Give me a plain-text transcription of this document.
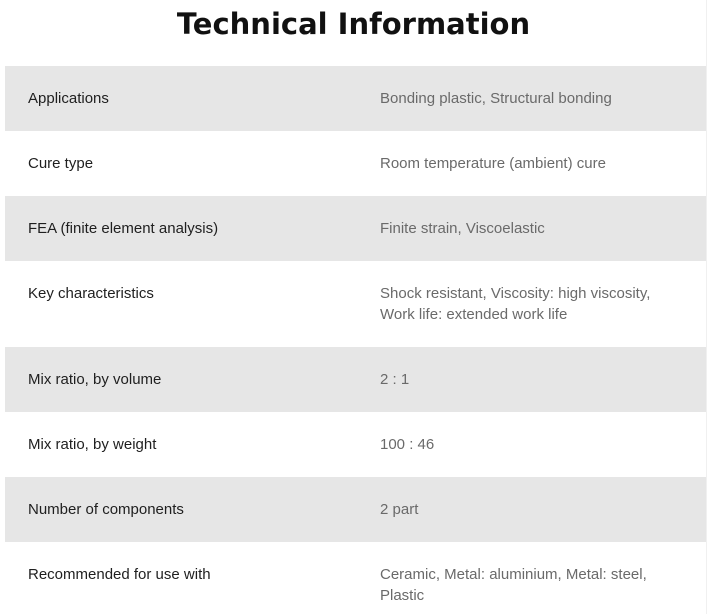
Technical Information
Applications	Bonding plastic, Structural bonding
Cure type	Room temperature (ambient) cure
FEA (finite element analysis)	Finite strain, Viscoelastic
Key characteristics	Shock resistant, Viscosity: high viscosity, Work life: extended work life
Mix ratio, by volume	2 : 1
Mix ratio, by weight	100 : 46
Number of components	2 part
Recommended for use with	Ceramic, Metal: aluminium, Metal: steel, Plastic
